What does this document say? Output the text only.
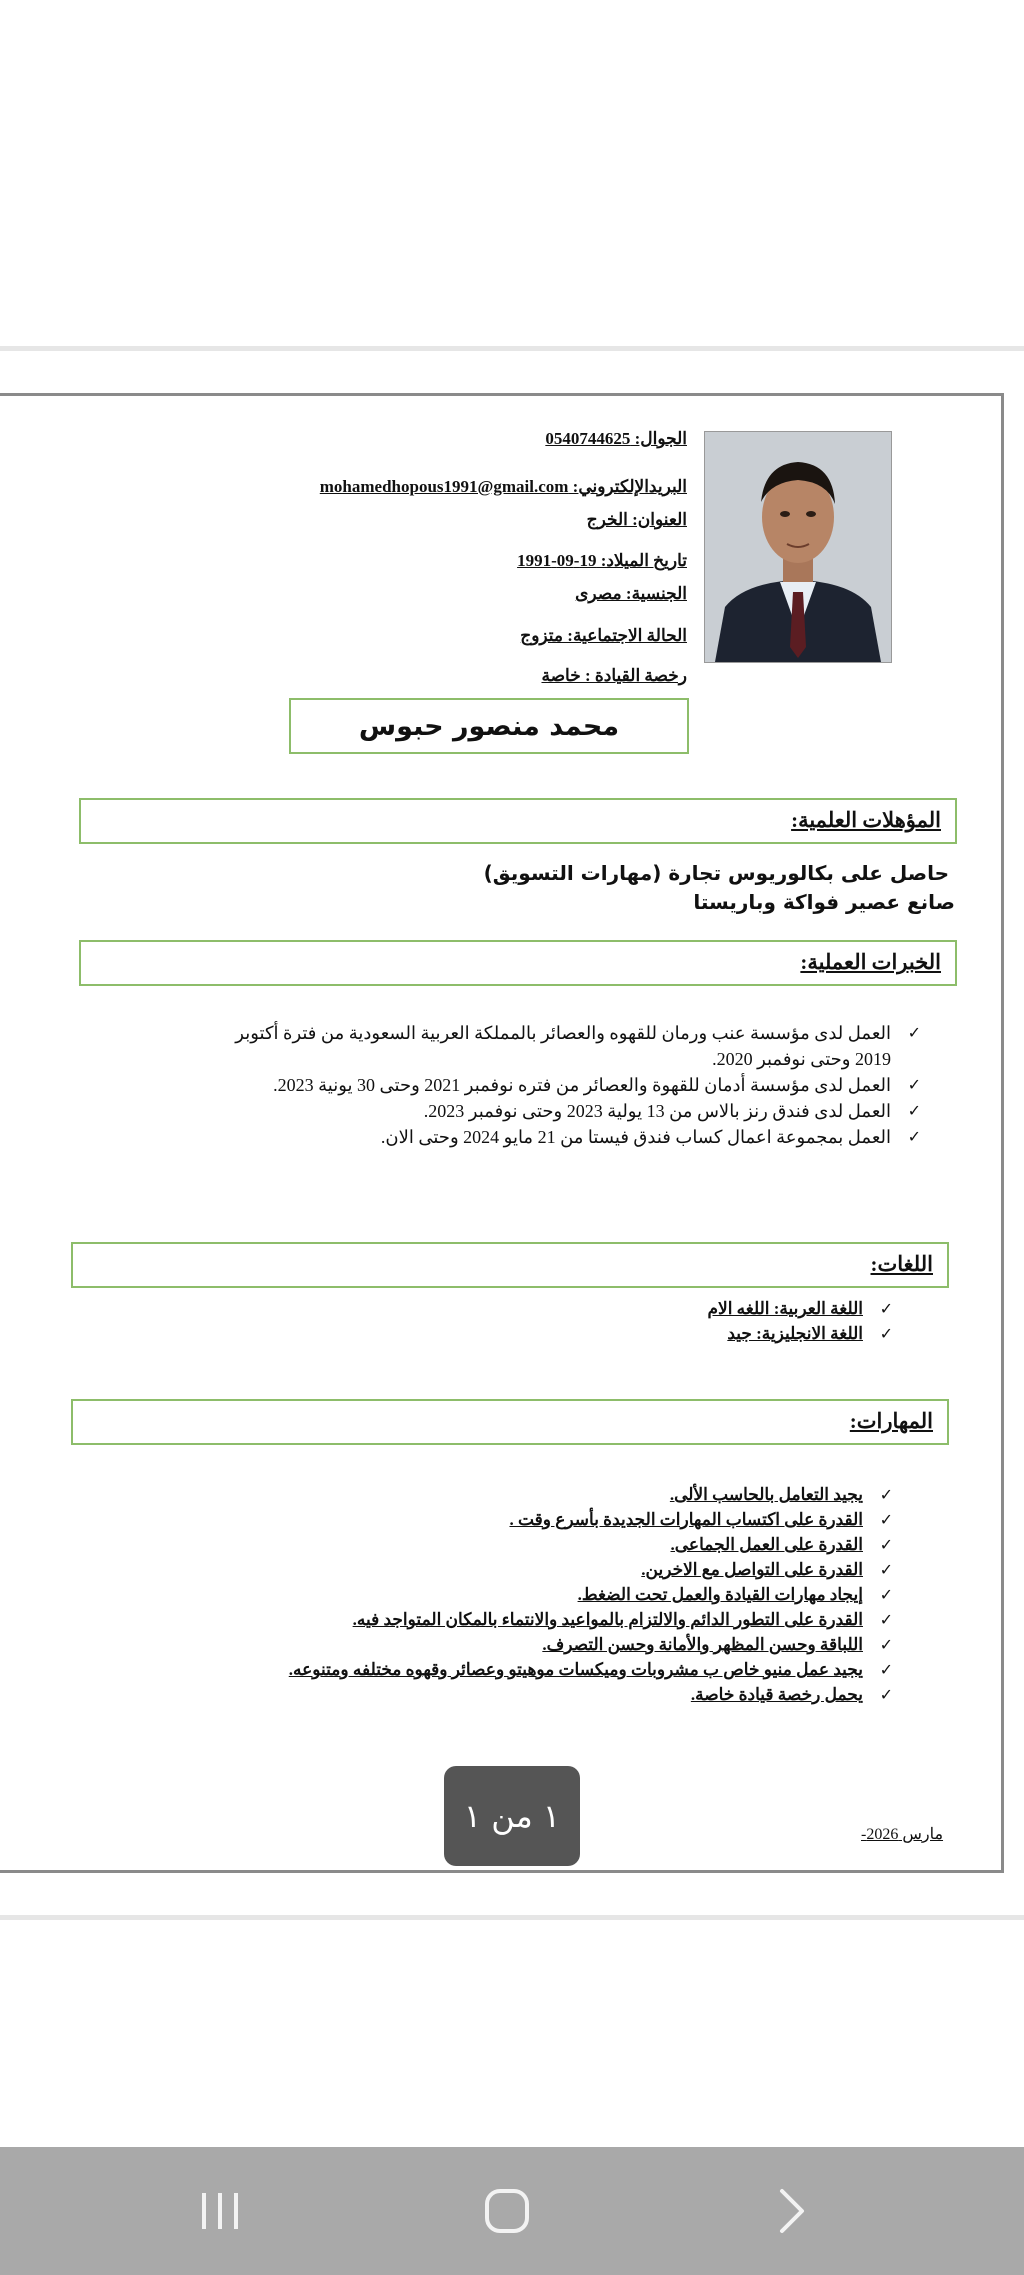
الجوال: 0540744625
البريدالإلكتروني: mohamedhopous1991@gmail.com
العنوان: الخرج
تاريخ الميلاد: 19-09-1991
الجنسية: مصرى
الحالة الاجتماعية: متزوج
رخصة القيادة : خاصة
محمد منصور حبوس
المؤهلات العلمية:
حاصل على بكالوريوس تجارة (مهارات التسويق)
صانع عصير فواكة وباريستا
الخبرات العملية:
✓
العمل لدى مؤسسة عنب ورمان للقهوه والعصائر بالمملكة العربية السعودية من فترة أكتوبر 2019 وحتى نوفمبر 2020.
✓
العمل لدى مؤسسة أدمان للقهوة والعصائر من فتره نوفمبر 2021 وحتى 30 يونية 2023.
✓
العمل لدى فندق رنز بالاس من 13 يولية 2023 وحتى نوفمبر 2023.
✓
العمل بمجموعة اعمال كساب فندق فيستا من 21 مايو 2024 وحتى الان.
اللغات:
✓
اللغة العربية: اللغه الام
✓
اللغة الانجليزية: جيد
المهارات:
✓
يجيد التعامل بالحاسب الألى.
✓
القدرة على اكتساب المهارات الجديدة بأسرع وقت .
✓
القدرة على العمل الجماعى.
✓
القدرة على التواصل مع الاخرين.
✓
إيجاد مهارات القيادة والعمل تحت الضغط.
✓
القدرة على التطور الدائم والالتزام بالمواعيد والانتماء بالمكان المتواجد فيه.
✓
اللباقة وحسن المظهر والأمانة وحسن التصرف.
✓
يجيد عمل منيو خاص ب مشروبات وميكسات موهيتو وعصائر وقهوه مختلفه ومتنوعه.
✓
يحمل رخصة قيادة خاصة.
مارس 2026-
١ من ١
